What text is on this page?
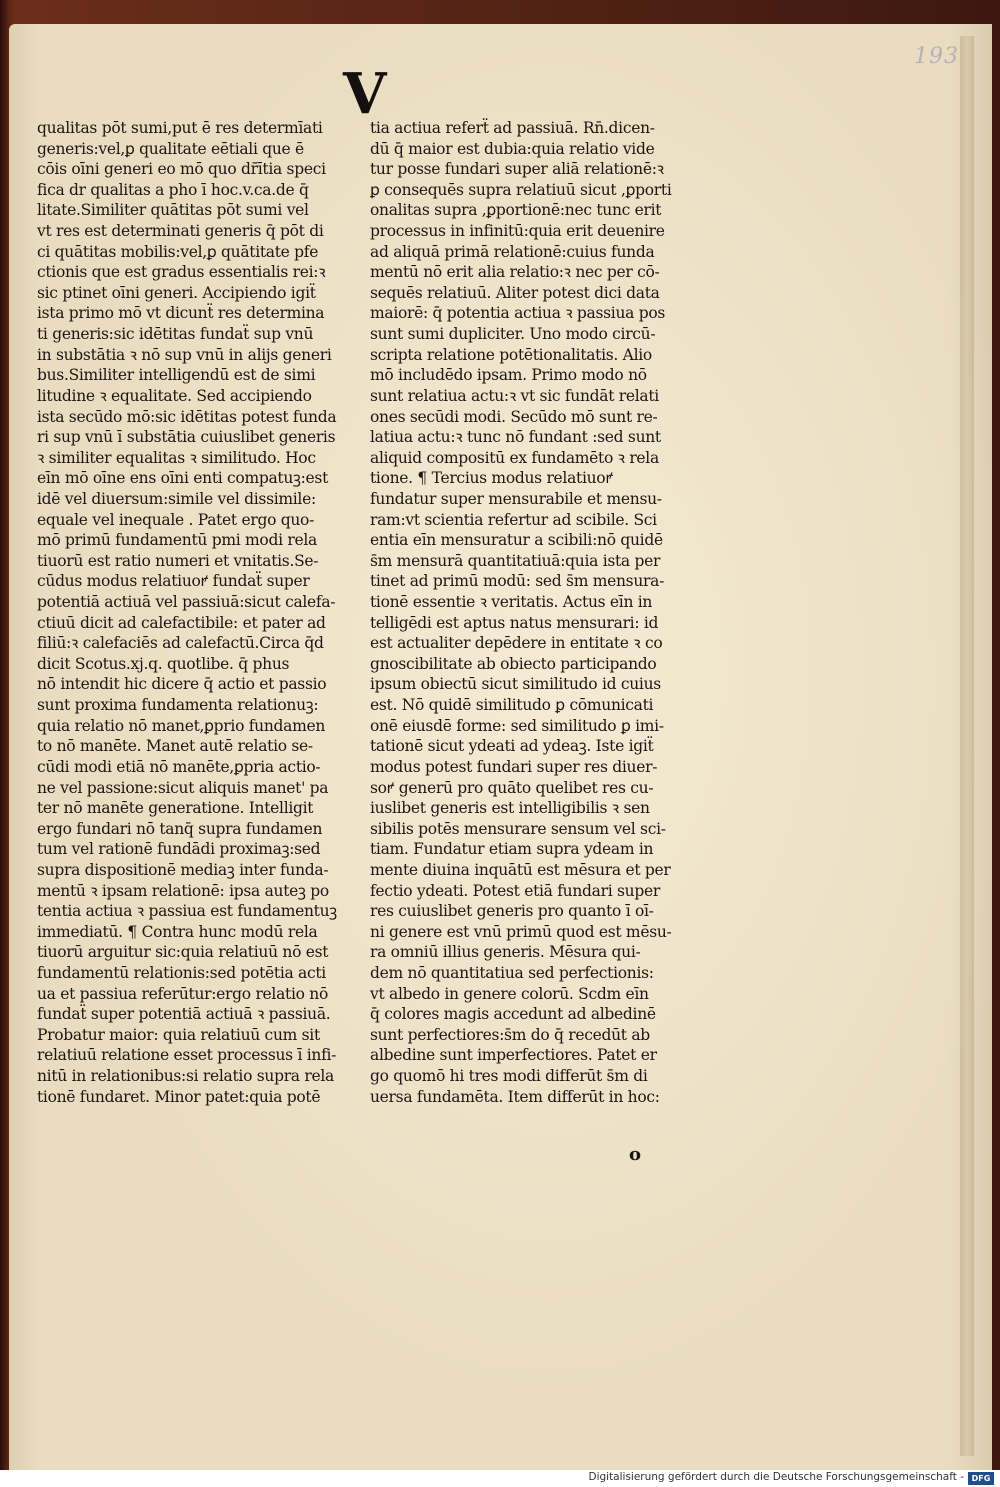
193
V
qualitas pōt sumi,put ē res determīati
generis:vel,ꝑ qualitate eētiali que ē
cōis oīni generi eo mō quo dr̄ītia speci
fica dr qualitas a pho ī hoc.v.ca.de q̄
litate.Similiter quātitas pōt sumi vel
vt res est determinati generis q̄ pōt di
ci quātitas mobilis:vel,ꝑ quātitate pfe
ctionis que est gradus essentialis rei:ꝛ
sic ptinet oīni generi. Accipiendo igiẗ
ista primo mō vt dicunẗ res determina
ti generis:sic idētitas fundaẗ sup vnū
in substātia ꝛ nō sup vnū in alijs generi
bus.Similiter intelligendū est de simi
litudine ꝛ equalitate. Sed accipiendo
ista secūdo mō:sic idētitas potest funda
ri sup vnū ī substātia cuiuslibet generis
ꝛ similiter equalitas ꝛ similitudo. Hoc
eīn mō oīne ens oīni enti compatuꝫ:est
idē vel diuersum:simile vel dissimile:
equale vel inequale . Patet ergo quo-
mō primū fundamentū pmi modi rela
tiuorū est ratio numeri et vnitatis.Se-
cūdus modus relatiuoꝵ fundaẗ super
potentiā actiuā vel passiuā:sicut calefa-
ctiuū dicit ad calefactibile: et pater ad
filiū:ꝛ calefaciēs ad calefactū.Circa q̄d
dicit Scotus.xj.q. quotlibe. q̄ phus
nō intendit hic dicere q̄ actio et passio
sunt proxima fundamenta relationuꝫ:
quia relatio nō manet,ꝑprio fundamen
to nō manēte. Manet autē relatio se-
cūdi modi etiā nō manēte,ꝑpria actio-
ne vel passione:sicut aliquis manet' pa
ter nō manēte generatione. Intelligit
ergo fundari nō tanq̄ supra fundamen
tum vel rationē fundādi proximaꝫ:sed
supra dispositionē mediaꝫ inter funda-
mentū ꝛ ipsam relationē: ipsa auteꝫ po
tentia actiua ꝛ passiua est fundamentuꝫ
immediatū. ¶ Contra hunc modū rela
tiuorū arguitur sic:quia relatiuū nō est
fundamentū relationis:sed potētia acti
ua et passiua referūtur:ergo relatio nō
fundaẗ super potentiā actiuā ꝛ passiuā.
Probatur maior: quia relatiuū cum sit
relatiuū relatione esset processus ī infi-
nitū in relationibus:si relatio supra rela
tionē fundaret. Minor patet:quia potē
tia actiua referẗ ad passiuā. Rn̄.dicen-
dū q̄ maior est dubia:quia relatio vide
tur posse fundari super aliā relationē:ꝛ
ꝑ consequēs supra relatiuū sicut ,ꝑporti
onalitas supra ,ꝑportionē:nec tunc erit
processus in infinitū:quia erit deuenire
ad aliquā primā relationē:cuius funda
mentū nō erit alia relatio:ꝛ nec per cō-
sequēs relatiuū. Aliter potest dici data
maiorē: q̄ potentia actiua ꝛ passiua pos
sunt sumi dupliciter. Uno modo circū-
scripta relatione potētionalitatis. Alio
mō includēdo ipsam. Primo modo nō
sunt relatiua actu:ꝛ vt sic fundāt relati
ones secūdi modi. Secūdo mō sunt re-
latiua actu:ꝛ tunc nō fundant :sed sunt
aliquid compositū ex fundamēto ꝛ rela
tione. ¶ Tercius modus relatiuoꝵ
fundatur super mensurabile et mensu-
ram:vt scientia refertur ad scibile. Sci
entia eīn mensuratur a scibili:nō quidē
s̄m mensurā quantitatiuā:quia ista per
tinet ad primū modū: sed s̄m mensura-
tionē essentie ꝛ veritatis. Actus eīn in
telligēdi est aptus natus mensurari: id
est actualiter depēdere in entitate ꝛ co
gnoscibilitate ab obiecto participando
ipsum obiectū sicut similitudo id cuius
est. Nō quidē similitudo ꝑ cōmunicati
onē eiusdē forme: sed similitudo ꝑ imi-
tationē sicut ydeati ad ydeaꝫ. Iste igiẗ
modus potest fundari super res diuer-
soꝵ generū pro quāto quelibet res cu-
iuslibet generis est intelligibilis ꝛ sen
sibilis potēs mensurare sensum vel sci-
tiam. Fundatur etiam supra ydeam in
mente diuina inquātū est mēsura et per
fectio ydeati. Potest etiā fundari super
res cuiuslibet generis pro quanto ī oī-
ni genere est vnū primū quod est mēsu-
ra omniū illius generis. Mēsura qui-
dem nō quantitatiua sed perfectionis:
vt albedo in genere colorū. Scdm eīn
q̄ colores magis accedunt ad albedinē
sunt perfectiores:s̄m do q̄ recedūt ab
albedine sunt imperfectiores. Patet er
go quomō hi tres modi differūt s̄m di
uersa fundamēta. Item differūt in hoc:
o
Digitalisierung gefördert durch die Deutsche Forschungsgemeinschaft - DFG
